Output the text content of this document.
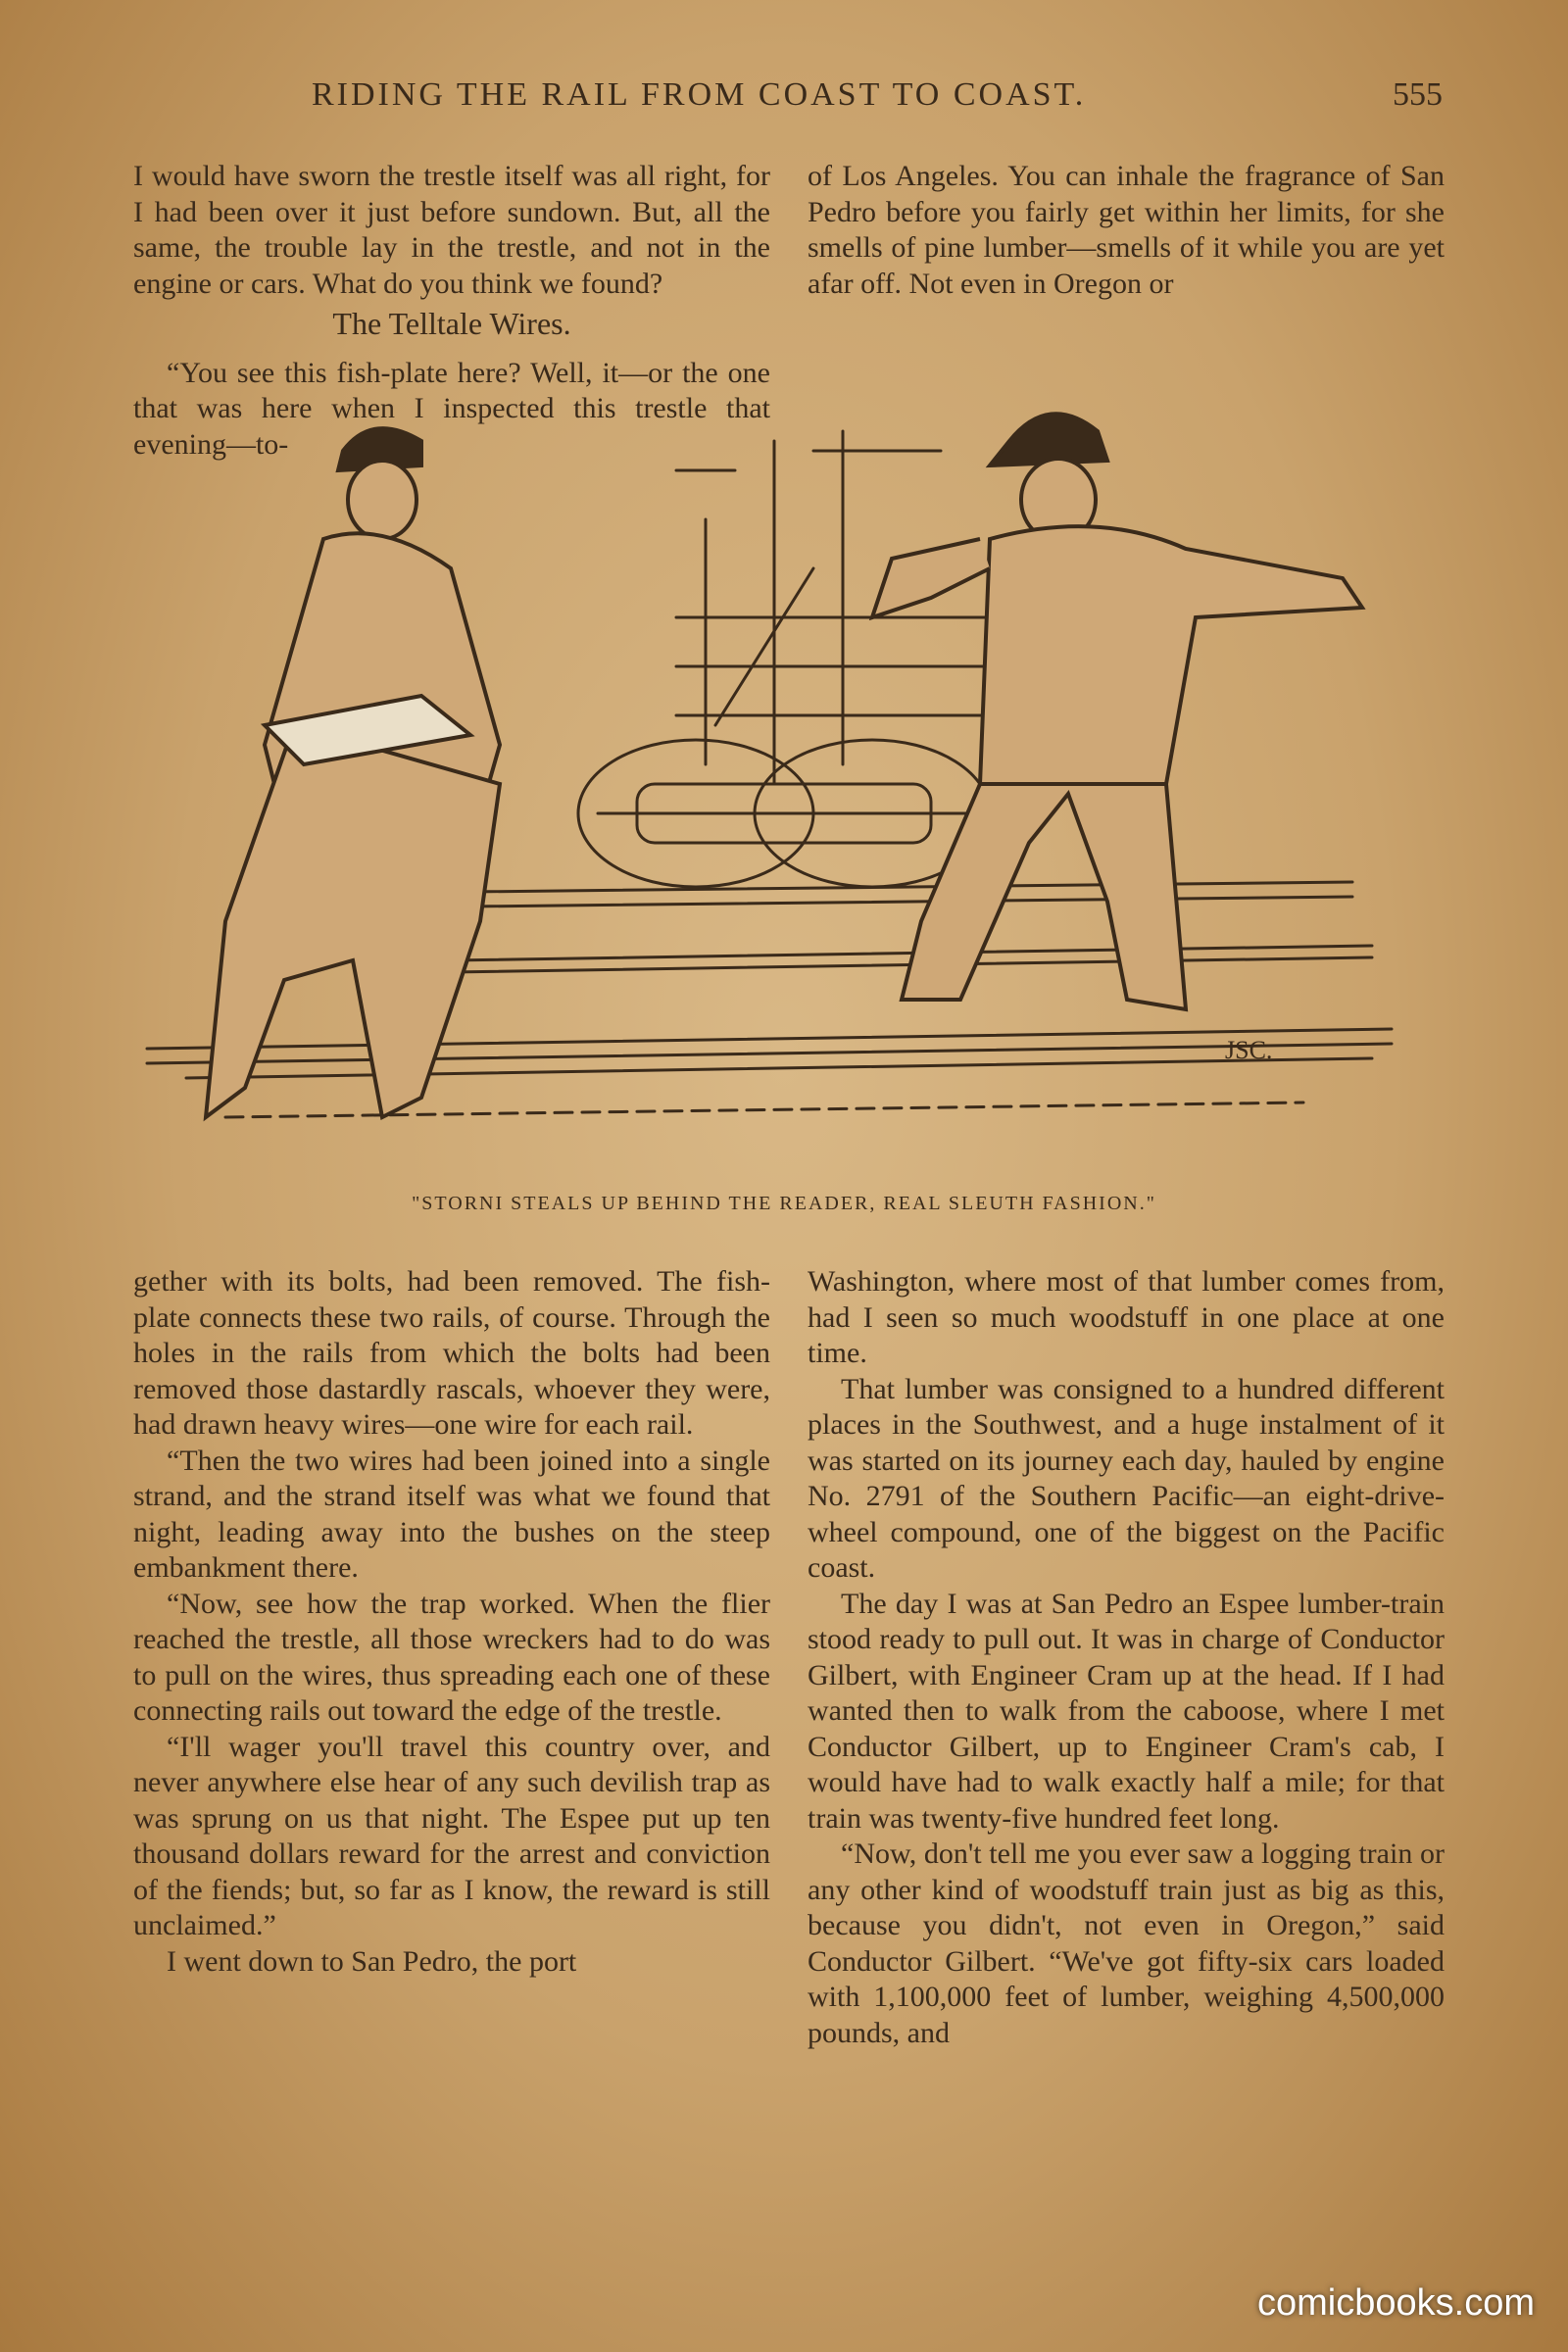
RIDING THE RAIL FROM COAST TO COAST.	555

I would have sworn the trestle itself was all right, for I had been over it just before sundown. But, all the same, the trouble lay in the trestle, and not in the engine or cars. What do you think we found?

The Telltale Wires.

“You see this fish-plate here? Well, it—or the one that was here when I inspected this trestle that evening—to-

of Los Angeles. You can inhale the fragrance of San Pedro before you fairly get within her limits, for she smells of pine lumber—smells of it while you are yet afar off. Not even in Oregon or

JSC.
"STORNI STEALS UP BEHIND THE READER, REAL SLEUTH FASHION."

gether with its bolts, had been removed. The fish-plate connects these two rails, of course. Through the holes in the rails from which the bolts had been removed those dastardly rascals, whoever they were, had drawn heavy wires—one wire for each rail.

“Then the two wires had been joined into a single strand, and the strand itself was what we found that night, leading away into the bushes on the steep embankment there.

“Now, see how the trap worked. When the flier reached the trestle, all those wreckers had to do was to pull on the wires, thus spreading each one of these connecting rails out toward the edge of the trestle.

“I'll wager you'll travel this country over, and never anywhere else hear of any such devilish trap as was sprung on us that night. The Espee put up ten thousand dollars reward for the arrest and conviction of the fiends; but, so far as I know, the reward is still unclaimed.”

I went down to San Pedro, the port

Washington, where most of that lumber comes from, had I seen so much woodstuff in one place at one time.

That lumber was consigned to a hundred different places in the Southwest, and a huge instalment of it was started on its journey each day, hauled by engine No. 2791 of the Southern Pacific—an eight-drive-wheel compound, one of the biggest on the Pacific coast.

The day I was at San Pedro an Espee lumber-train stood ready to pull out. It was in charge of Conductor Gilbert, with Engineer Cram up at the head. If I had wanted then to walk from the caboose, where I met Conductor Gilbert, up to Engineer Cram's cab, I would have had to walk exactly half a mile; for that train was twenty-five hundred feet long.

“Now, don't tell me you ever saw a logging train or any other kind of woodstuff train just as big as this, because you didn't, not even in Oregon,” said Conductor Gilbert. “We've got fifty-six cars loaded with 1,100,000 feet of lumber, weighing 4,500,000 pounds, and

comicbooks.com
